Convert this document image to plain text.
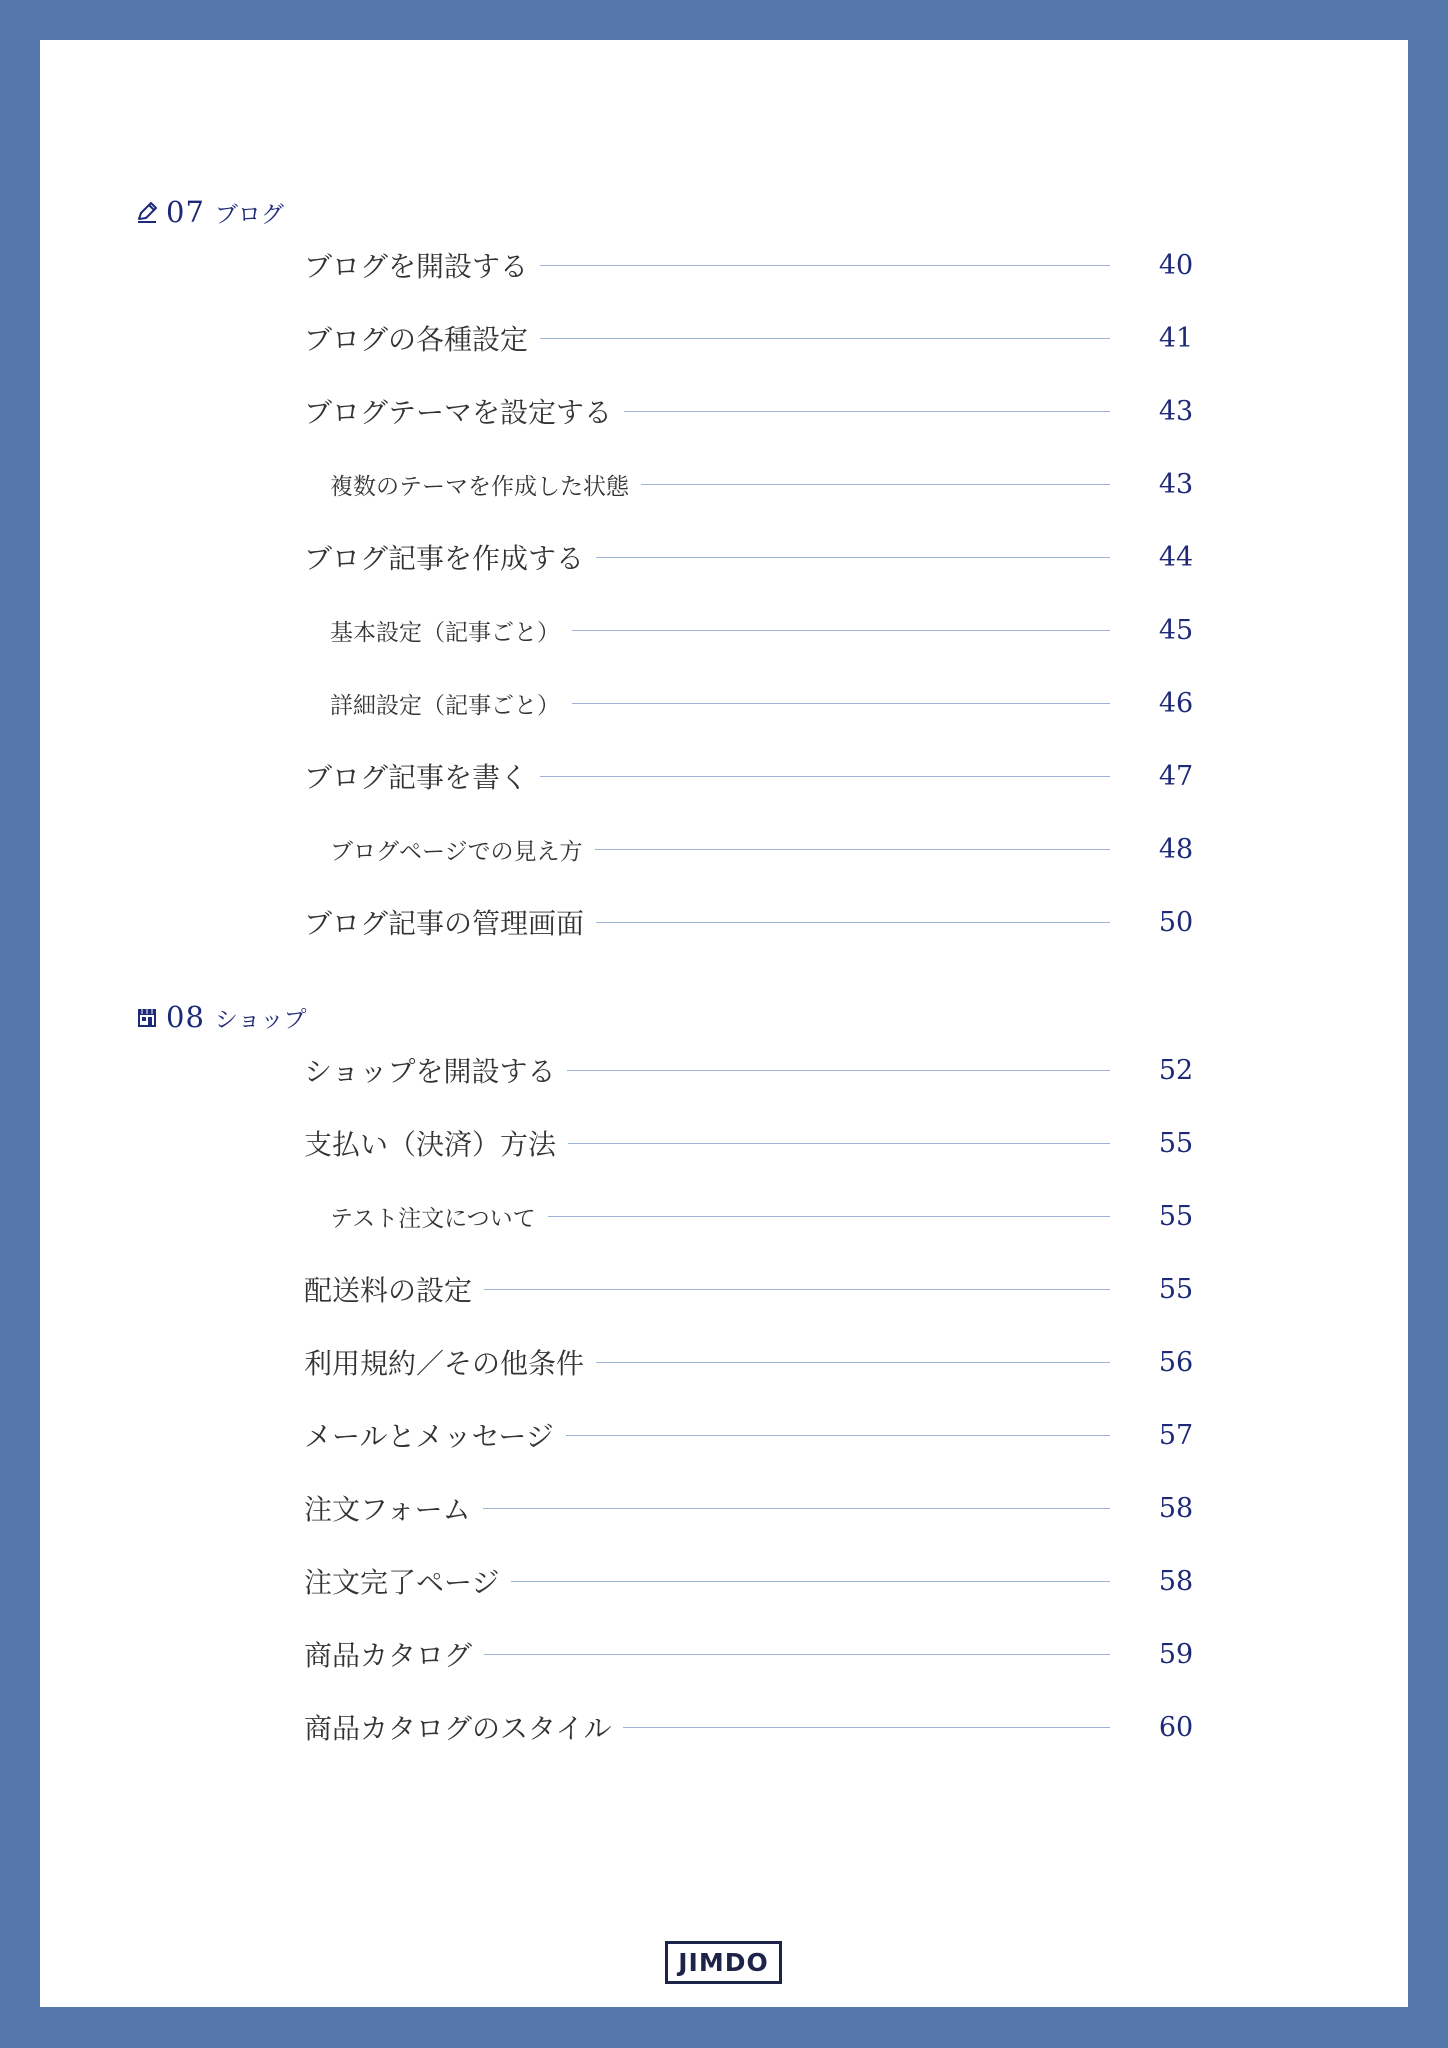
07 ブログ
ブログを開設する	40
ブログの各種設定	41
ブログテーマを設定する	43
複数のテーマを作成した状態	43
ブログ記事を作成する	44
基本設定（記事ごと）	45
詳細設定（記事ごと）	46
ブログ記事を書く	47
ブログページでの見え方	48
ブログ記事の管理画面	50
08 ショップ
ショップを開設する	52
支払い（決済）方法	55
テスト注文について	55
配送料の設定	55
利用規約／その他条件	56
メールとメッセージ	57
注文フォーム	58
注文完了ページ	58
商品カタログ	59
商品カタログのスタイル	60
JIMDO
